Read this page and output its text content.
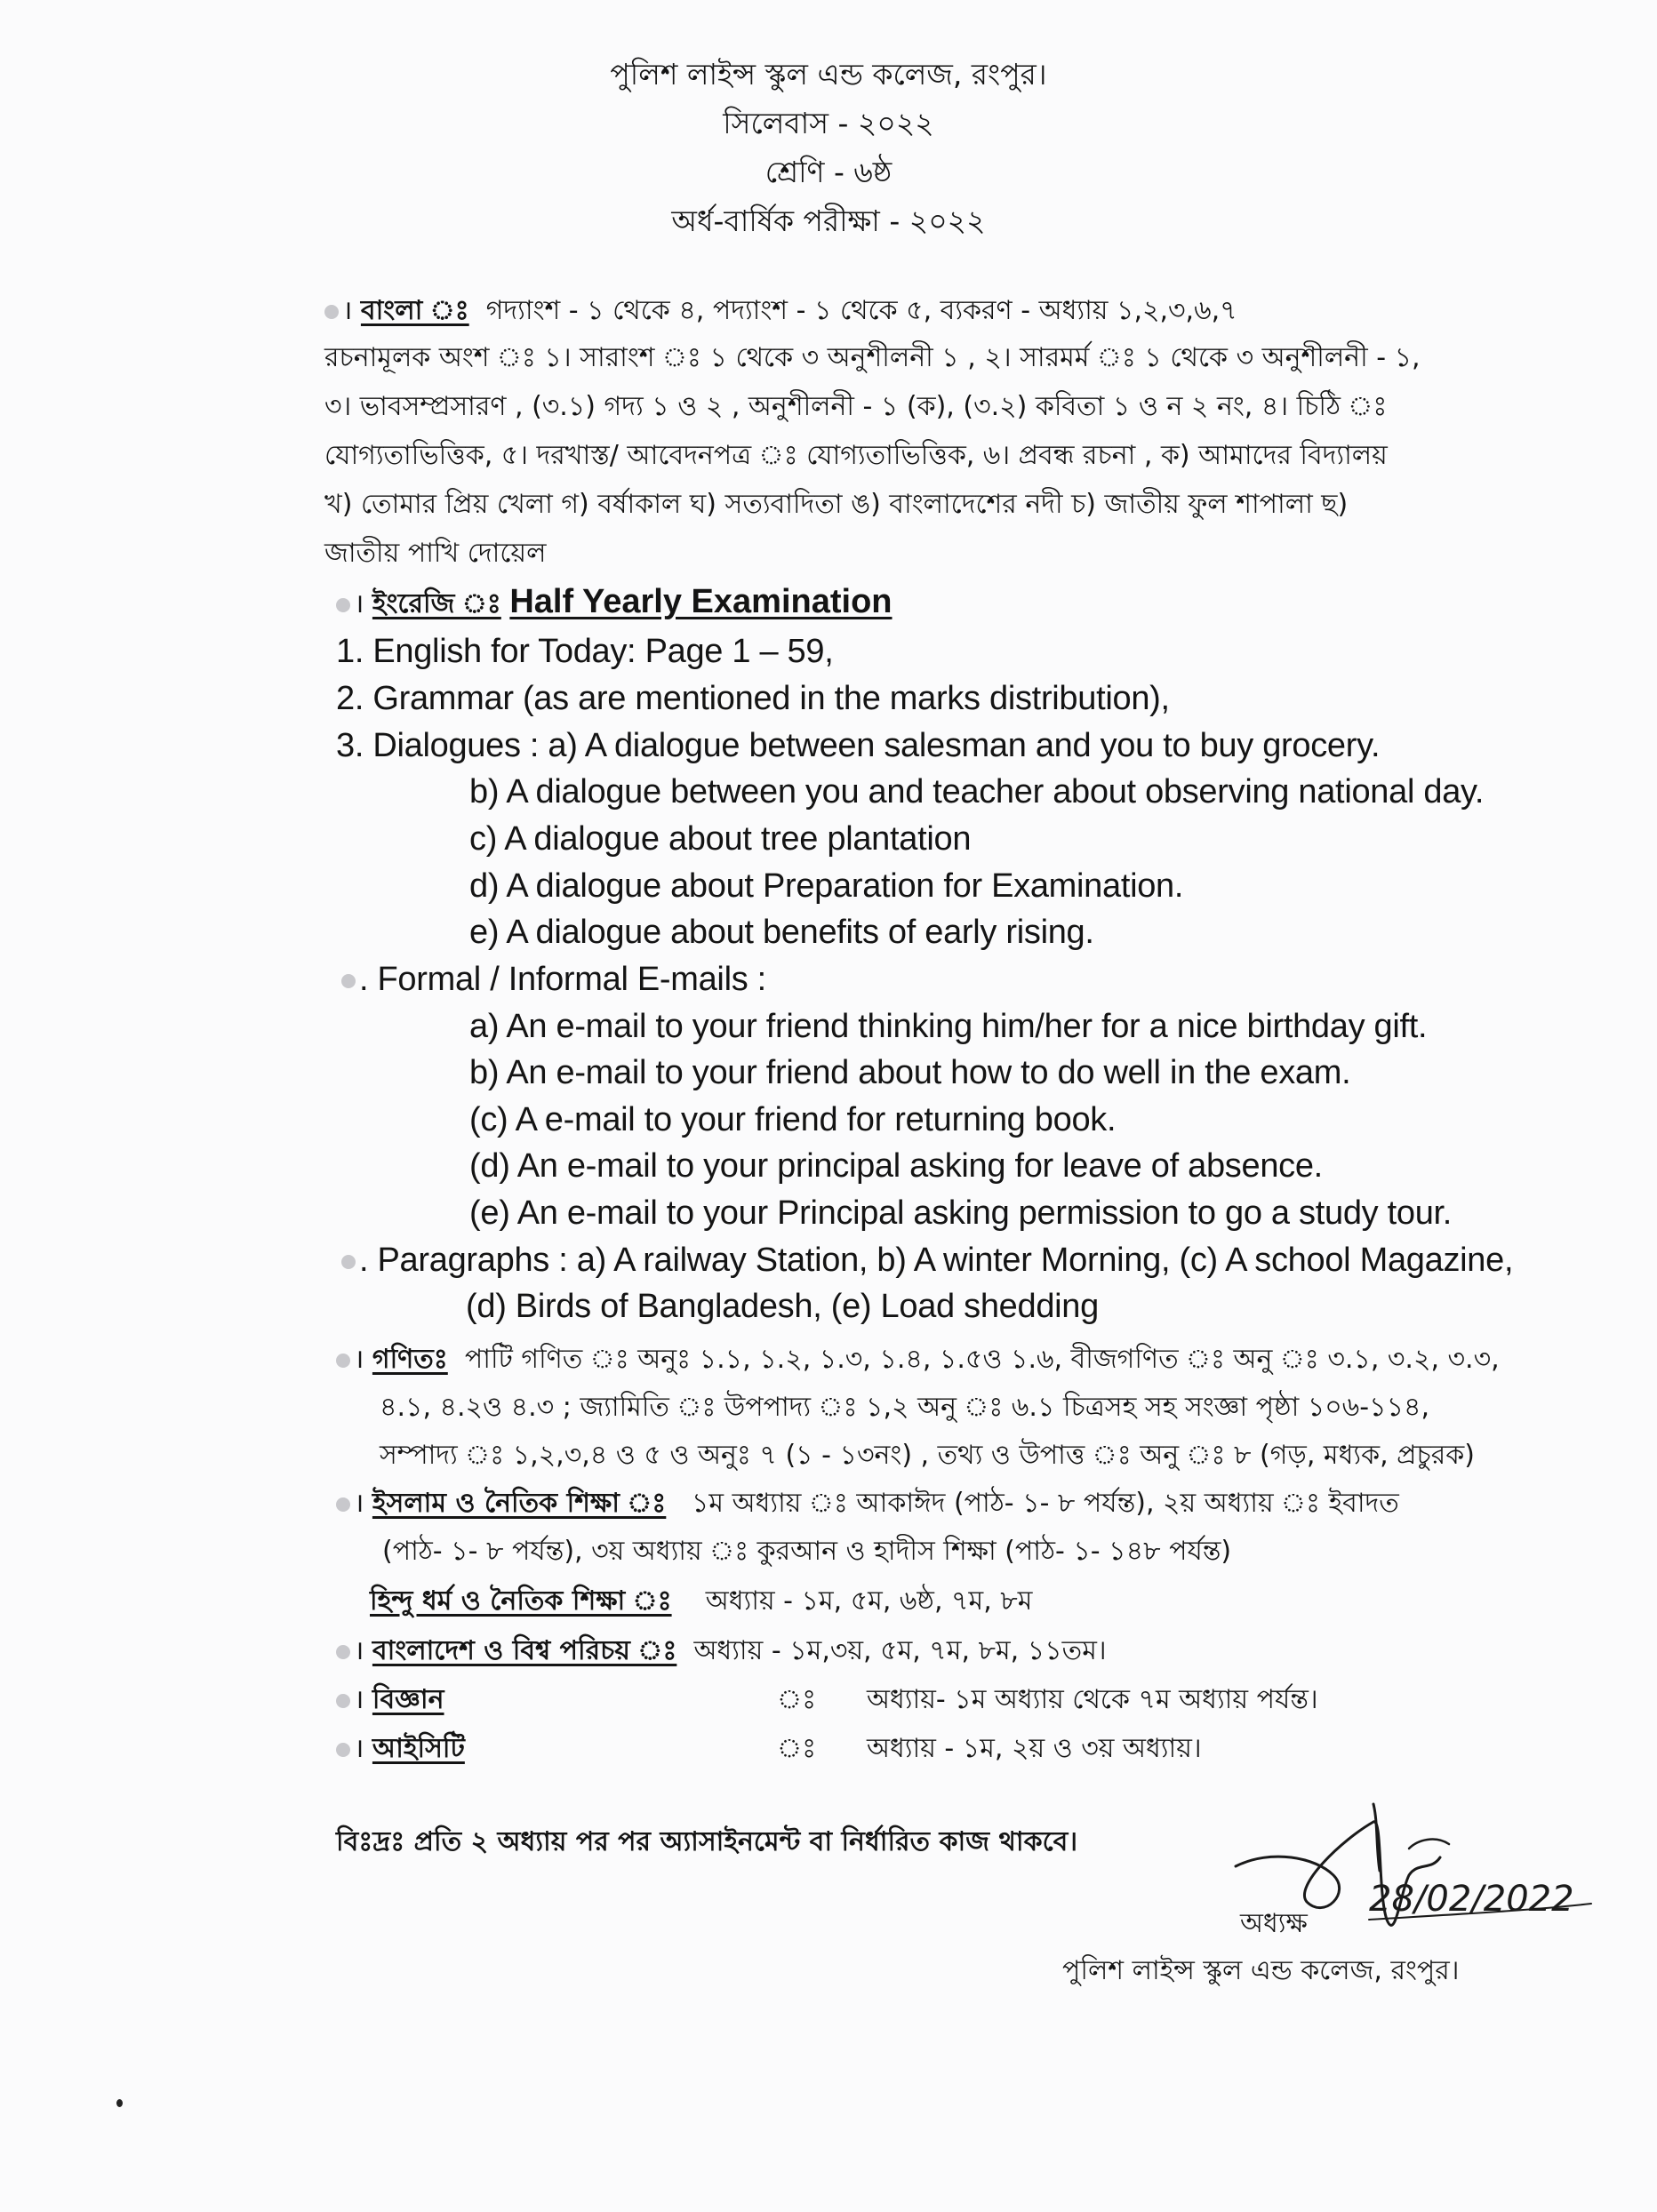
পুলিশ লাইন্স স্কুল এন্ড কলেজ, রংপুর।
সিলেবাস - ২০২২
শ্রেণি - ৬ষ্ঠ
অর্ধ-বার্ষিক পরীক্ষা - ২০২২
। বাংলা ঃ গদ্যাংশ - ১ থেকে ৪, পদ্যাংশ - ১ থেকে ৫, ব্যকরণ - অধ্যায় ১,২,৩,৬,৭
রচনামূলক অংশ ঃ ১। সারাংশ ঃ ১ থেকে ৩ অনুশীলনী ১ , ২। সারমর্ম ঃ ১ থেকে ৩ অনুশীলনী - ১,
৩। ভাবসম্প্রসারণ , (৩.১) গদ্য ১ ও ২ , অনুশীলনী - ১ (ক), (৩.২) কবিতা ১ ও ন ২ নং, ৪। চিঠি ঃ
যোগ্যতাভিত্তিক, ৫। দরখাস্ত/ আবেদনপত্র ঃ যোগ্যতাভিত্তিক, ৬। প্রবন্ধ রচনা , ক) আমাদের বিদ্যালয়
খ) তোমার প্রিয় খেলা গ) বর্ষাকাল ঘ) সত্যবাদিতা ঙ) বাংলাদেশের নদী চ) জাতীয় ফুল শাপালা ছ)
জাতীয় পাখি দোয়েল
। ইংরেজি ঃ Half Yearly Examination
1. English for Today: Page 1 – 59,
2. Grammar (as are mentioned in the marks distribution),
3. Dialogues : a) A dialogue between salesman and you to buy grocery.
b) A dialogue between you and teacher about observing national day.
c) A dialogue about tree plantation
d) A dialogue about Preparation for Examination.
e) A dialogue about benefits of early rising.
. Formal / Informal E-mails :
a) An e-mail to your friend thinking him/her for a nice birthday gift.
b) An e-mail to your friend about how to do well in the exam.
(c) A e-mail to your friend for returning book.
(d) An e-mail to your principal asking for leave of absence.
(e) An e-mail to your Principal asking permission to go a study tour.
. Paragraphs : a) A railway Station, b) A winter Morning, (c) A school Magazine,
(d) Birds of Bangladesh, (e) Load shedding
। গণিতঃ পাটি গণিত ঃ অনুঃ ১.১, ১.২, ১.৩, ১.৪, ১.৫ও ১.৬, বীজগণিত ঃ অনু ঃ ৩.১, ৩.২, ৩.৩,
৪.১, ৪.২ও ৪.৩ ; জ্যামিতি ঃ উপপাদ্য ঃ ১,২ অনু ঃ ৬.১ চিত্রসহ সহ সংজ্ঞা পৃষ্ঠা ১০৬-১১৪,
সম্পাদ্য ঃ ১,২,৩,৪ ও ৫ ও অনুঃ ৭ (১ - ১৩নং) , তথ্য ও উপাত্ত ঃ অনু ঃ ৮ (গড়, মধ্যক, প্রচুরক)
। ইসলাম ও নৈতিক শিক্ষা ঃ ১ম অধ্যায় ঃ আকাঈদ (পাঠ- ১- ৮ পর্যন্ত), ২য় অধ্যায় ঃ ইবাদত
(পাঠ- ১- ৮ পর্যন্ত), ৩য় অধ্যায় ঃ কুরআন ও হাদীস শিক্ষা (পাঠ- ১- ১৪৮ পর্যন্ত)
হিন্দু ধর্ম ও নৈতিক শিক্ষা ঃ অধ্যায় - ১ম, ৫ম, ৬ষ্ঠ, ৭ম, ৮ম
। বাংলাদেশ ও বিশ্ব পরিচয় ঃ অধ্যায় - ১ম,৩য়, ৫ম, ৭ম, ৮ম, ১১তম।
। বিজ্ঞান	ঃ অধ্যায়- ১ম অধ্যায় থেকে ৭ম অধ্যায় পর্যন্ত।
। আইসিটি	ঃ অধ্যায় - ১ম, ২য় ও ৩য় অধ্যায়।
বিঃদ্রঃ প্রতি ২ অধ্যায় পর পর অ্যাসাইনমেন্ট বা নির্ধারিত কাজ থাকবে।
28/02/2022
অধ্যক্ষ
পুলিশ লাইন্স স্কুল এন্ড কলেজ, রংপুর।
